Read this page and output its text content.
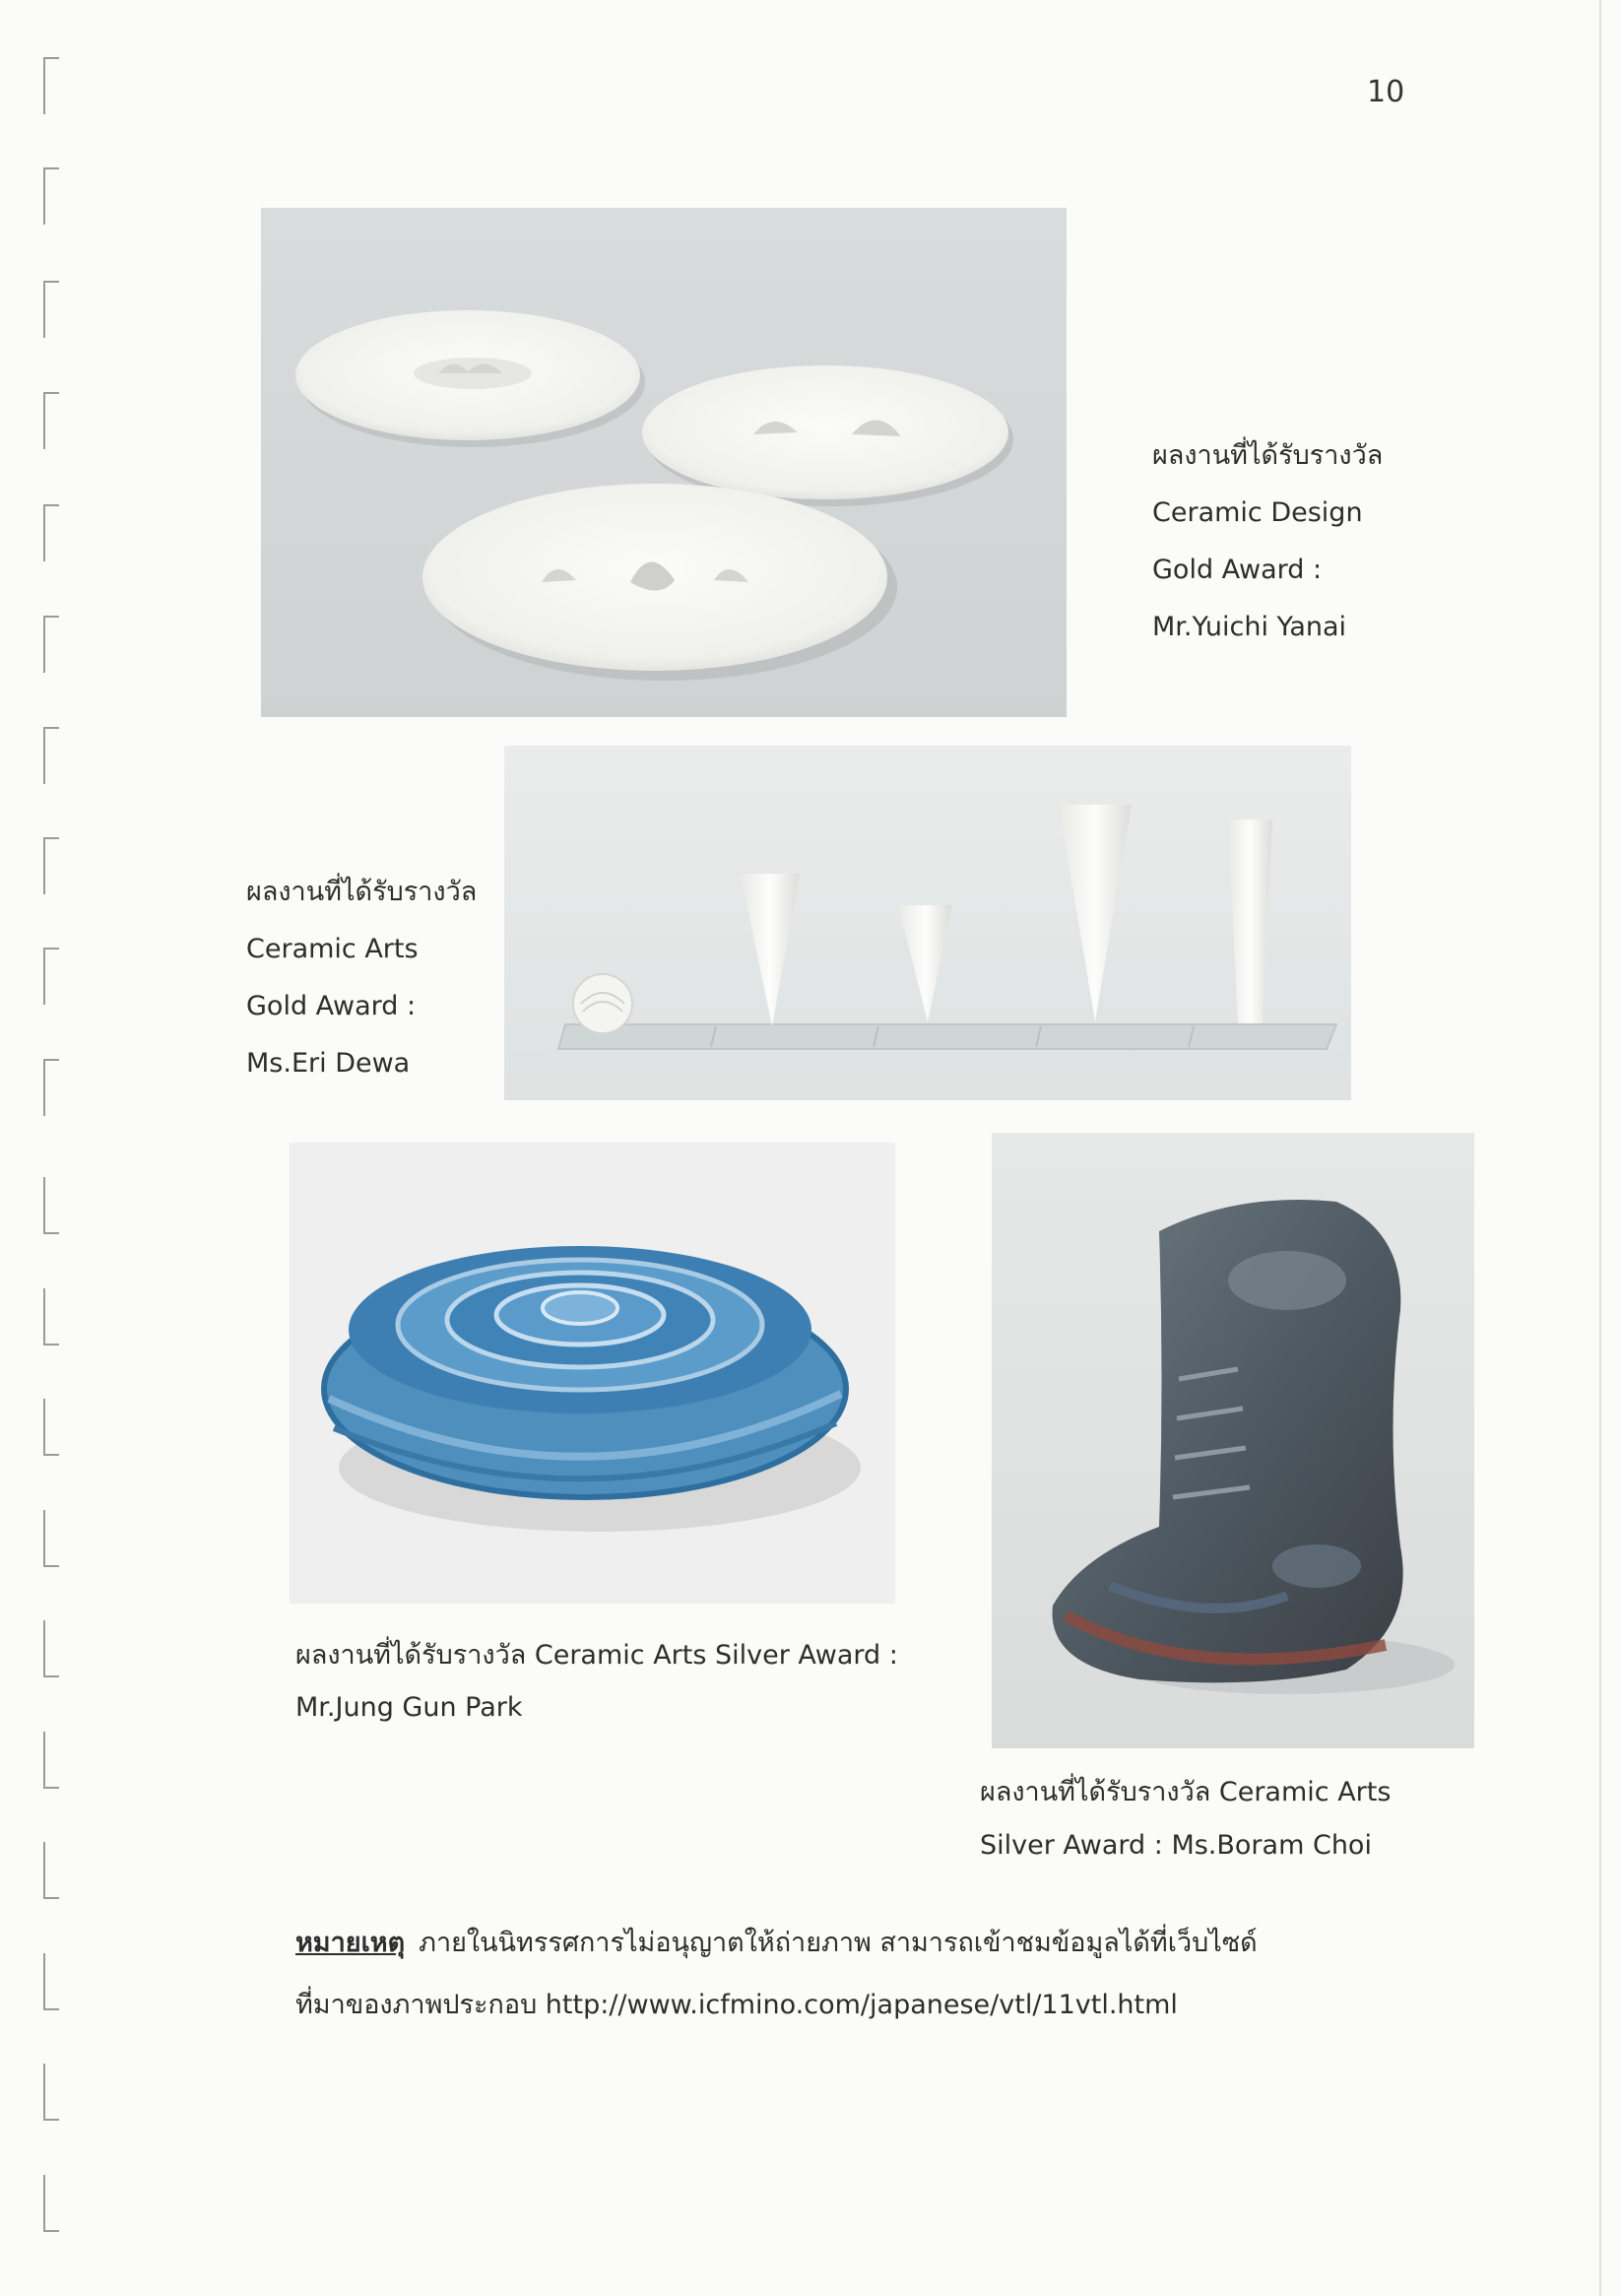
10
ผลงานที่ได้รับรางวัล
Ceramic Design
Gold Award :
Mr.Yuichi Yanai
ผลงานที่ได้รับรางวัล
Ceramic Arts
Gold Award :
Ms.Eri Dewa
ผลงานที่ได้รับรางวัล Ceramic Arts Silver Award :
Mr.Jung Gun Park
ผลงานที่ได้รับรางวัล Ceramic Arts
Silver Award : Ms.Boram Choi
หมายเหตุ ภายในนิทรรศการไม่อนุญาตให้ถ่ายภาพ สามารถเข้าชมข้อมูลได้ที่เว็บไซด์
ที่มาของภาพประกอบ http://www.icfmino.com/japanese/vtl/11vtl.html
